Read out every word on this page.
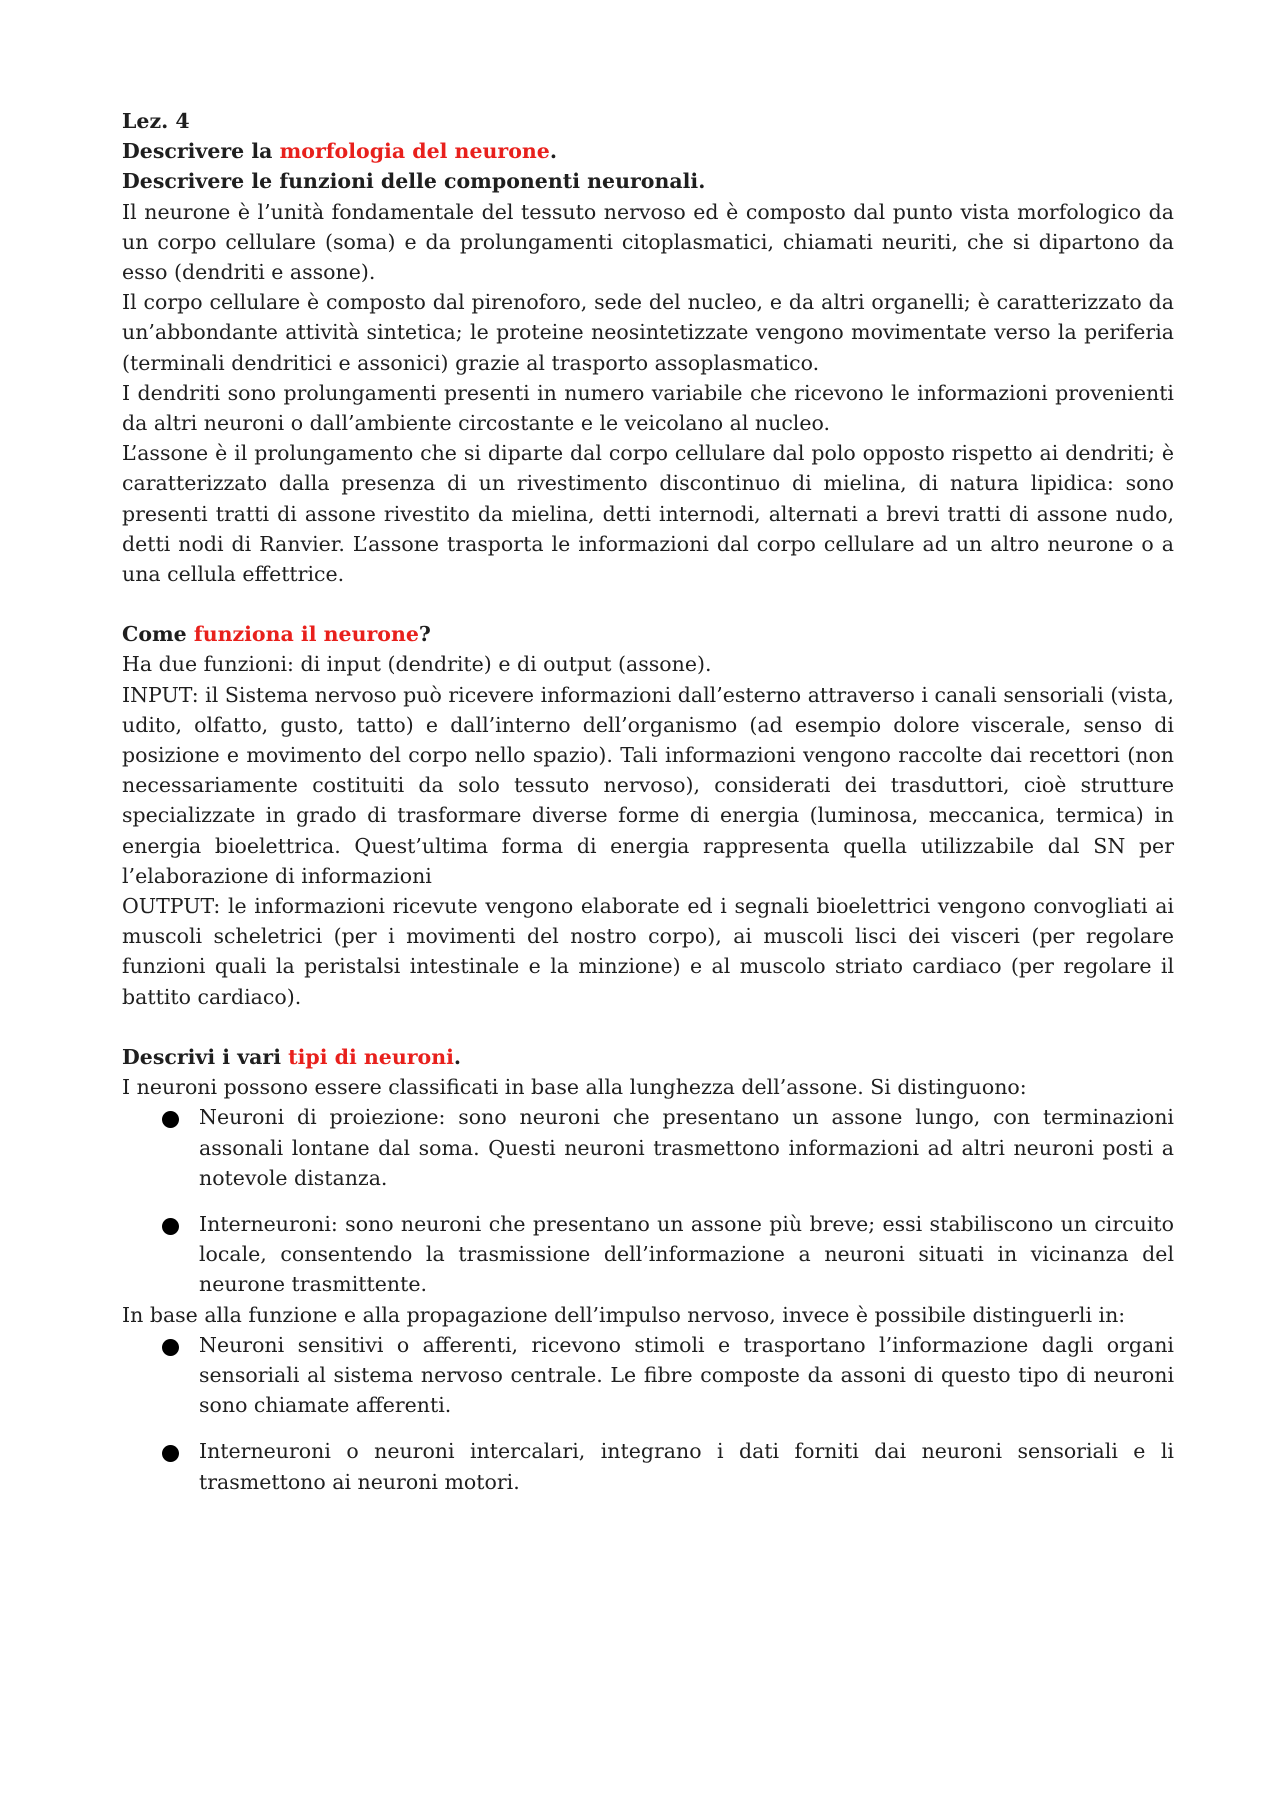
Lez. 4

Descrivere la morfologia del neurone.

Descrivere le funzioni delle componenti neuronali.

Il neurone è l’unità fondamentale del tessuto nervoso ed è composto dal punto vista morfologico da un corpo cellulare (soma) e da prolungamenti citoplasmatici, chiamati neuriti, che si dipartono da esso (dendriti e assone).

Il corpo cellulare è composto dal pirenoforo, sede del nucleo, e da altri organelli; è caratterizzato da un’abbondante attività sintetica; le proteine neosintetizzate vengono movimentate verso la periferia (terminali dendritici e assonici) grazie al trasporto assoplasmatico.

I dendriti sono prolungamenti presenti in numero variabile che ricevono le informazioni provenienti da altri neuroni o dall’ambiente circostante e le veicolano al nucleo.

L’assone è il prolungamento che si diparte dal corpo cellulare dal polo opposto rispetto ai dendriti; è caratterizzato dalla presenza di un rivestimento discontinuo di mielina, di natura lipidica: sono presenti tratti di assone rivestito da mielina, detti internodi, alternati a brevi tratti di assone nudo, detti nodi di Ranvier. L’assone trasporta le informazioni dal corpo cellulare ad un altro neurone o a una cellula effettrice.

Come funziona il neurone?

Ha due funzioni: di input (dendrite) e di output (assone).

INPUT: il Sistema nervoso può ricevere informazioni dall’esterno attraverso i canali sensoriali (vista, udito, olfatto, gusto, tatto) e dall’interno dell’organismo (ad esempio dolore viscerale, senso di posizione e movimento del corpo nello spazio). Tali informazioni vengono raccolte dai recettori (non necessariamente costituiti da solo tessuto nervoso), considerati dei trasduttori, cioè strutture specializzate in grado di trasformare diverse forme di energia (luminosa, meccanica, termica) in energia bioelettrica. Quest’ultima forma di energia rappresenta quella utilizzabile dal SN per l’elaborazione di informazioni

OUTPUT: le informazioni ricevute vengono elaborate ed i segnali bioelettrici vengono convogliati ai muscoli scheletrici (per i movimenti del nostro corpo), ai muscoli lisci dei visceri (per regolare funzioni quali la peristalsi intestinale e la minzione) e al muscolo striato cardiaco (per regolare il battito cardiaco).

Descrivi i vari tipi di neuroni.

I neuroni possono essere classificati in base alla lunghezza dell’assone. Si distinguono:

Neuroni di proiezione: sono neuroni che presentano un assone lungo, con terminazioni assonali lontane dal soma. Questi neuroni trasmettono informazioni ad altri neuroni posti a notevole distanza.
Interneuroni: sono neuroni che presentano un assone più breve; essi stabiliscono un circuito locale, consentendo la trasmissione dell’informazione a neuroni situati in vicinanza del neurone trasmittente.

In base alla funzione e alla propagazione dell’impulso nervoso, invece è possibile distinguerli in:

Neuroni sensitivi o afferenti, ricevono stimoli e trasportano l’informazione dagli organi sensoriali al sistema nervoso centrale. Le fibre composte da assoni di questo tipo di neuroni sono chiamate afferenti.
Interneuroni o neuroni intercalari, integrano i dati forniti dai neuroni sensoriali e li trasmettono ai neuroni motori.
